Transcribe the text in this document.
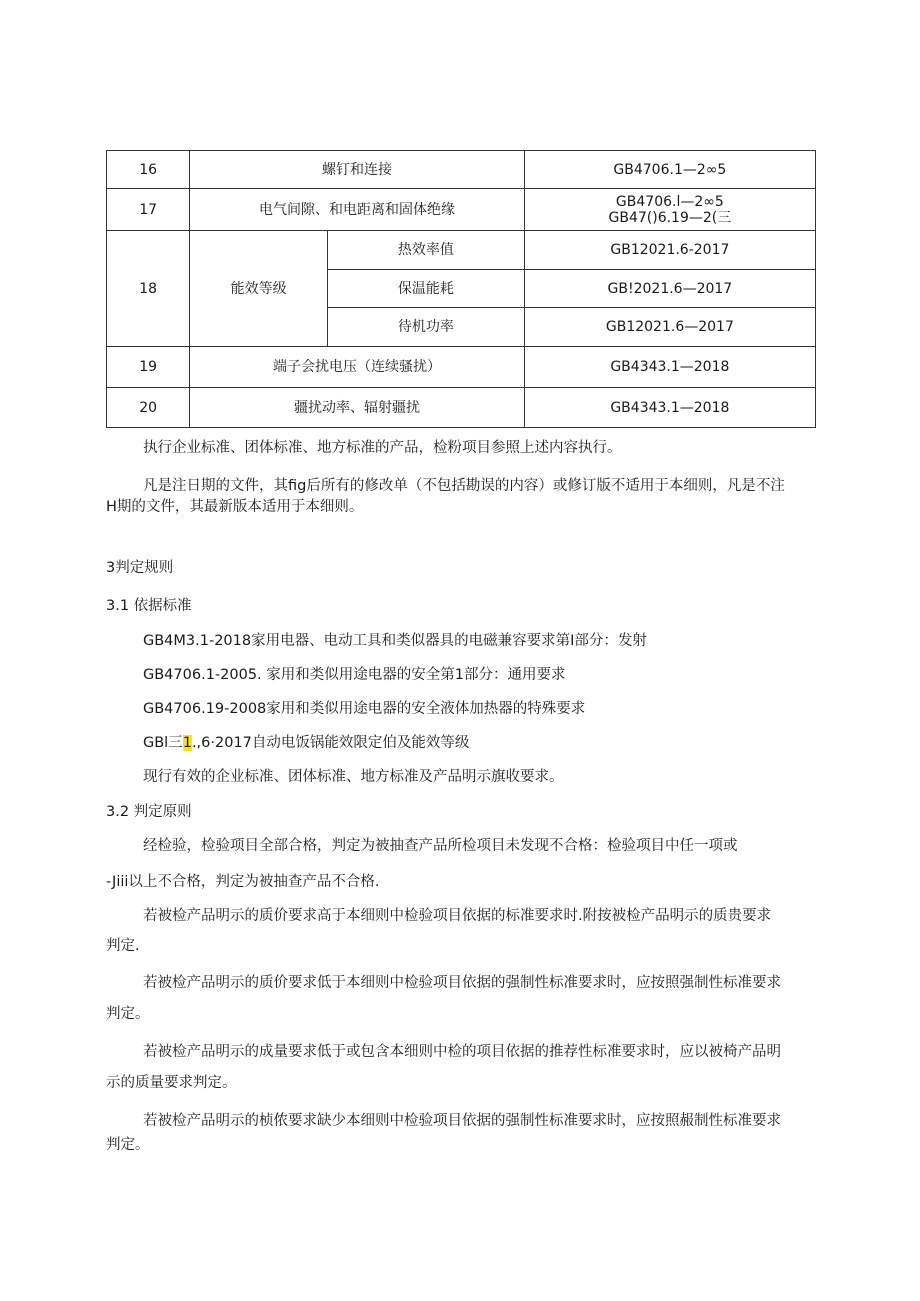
16	螺钉和连接		GB4706.1—2∞5

17	电气间隙、和电距离和固体绝缘		GB4706.l—2∞5
GB47()6.19—2(三

18	能效等级	热效率值	GB12021.6-2017
		保温能耗	GB!2021.6—2017
		待机功率	GB12021.6—2017
19	端子会扰电压（连续骚扰）		GB4343.1—2018

20	疆扰动率、辐射疆扰		GB4343.1—2018
执行企业标准、团体标准、地方标准的产品，检粉项目参照上述内容执行。
凡是注日期的文件，其fig后所有的修改单（不包括勘误的内容）或修订版不适用于本细则，凡是不注
H期的文件，其最新版本适用于本细则。
3判定规则
3.1 依据标准
GB4M3.1-2018家用电器、电动工具和类似器具的电磁兼容要求第I部分：发射
GB4706.1-2005. 家用和类似用途电器的安全第1部分：通用要求
GB4706.19-2008家用和类似用途电器的安全液体加热器的特殊要求
GBl三1.,6·2017自动电饭锅能效限定伯及能效等级
现行有效的企业标准、团体标准、地方标准及产品明示旗收要求。
3.2 判定原则
经检验，检验项目全部合格，判定为被抽查产品所检项目未发现不合格：检验项目中任一项或
-Jiii以上不合格，判定为被抽查产品不合格.
若被检产品明示的质价要求高于本细则中检验项目依据的标准要求时.附按被检产品明示的质贵要求
判定.
若被检产品明示的质价要求低于本细则中检验项目依据的强制性标准要求时，应按照强制性标准要求
判定。
若被检产品明示的成量要求低于或包含本细则中检的项目依据的推荐性标准要求时，应以被椅产品明
示的质量要求判定。
若被检产品明示的桢侬要求缺少本细则中检验项目依据的强制性标准要求时，应按照赧制性标准要求
判定。
